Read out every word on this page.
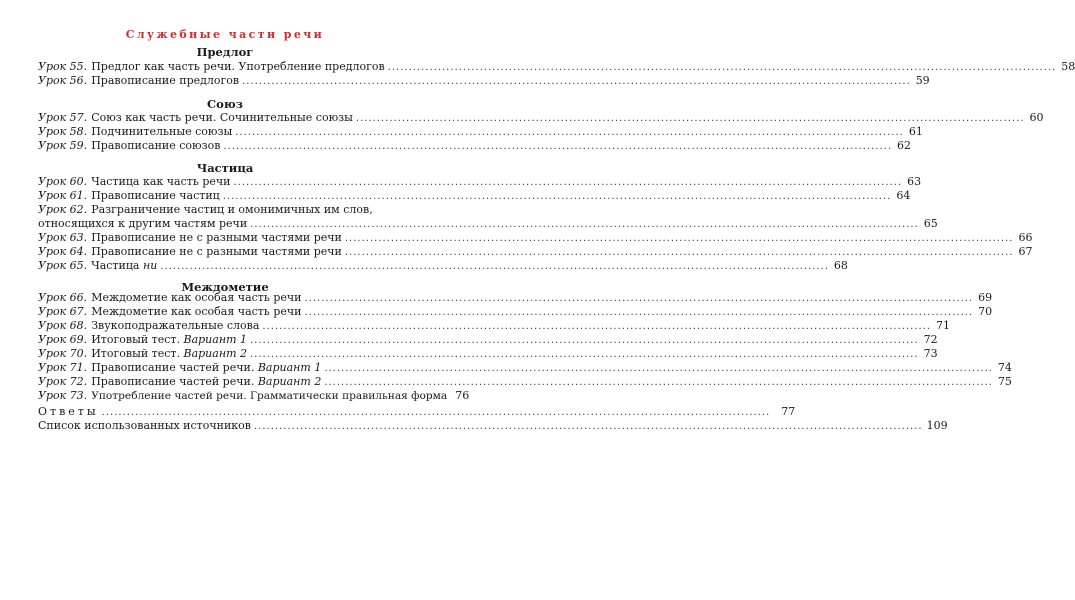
Служебные части речи
Предлог
Урок 55. Предлог как часть речи. Употребление предлогов .....	58
Урок 56. Правописание предлогов .....	59
Союз
Урок 57. Союз как часть речи. Сочинительные союзы .....	60
Урок 58. Подчинительные союзы .....	61
Урок 59. Правописание союзов .....	62
Частица
Урок 60. Частица как часть речи .....	63
Урок 61. Правописание частиц .....	64
Урок 62. Разграничение частиц и омонимичных им слов,
относящихся к другим частям речи .....	65
Урок 63. Правописание не с разными частями речи .....	66
Урок 64. Правописание не с разными частями речи .....	67
Урок 65. Частица ни .....	68
Междометие
Урок 66. Междометие как особая часть речи .....	69
Урок 67. Междометие как особая часть речи .....	70
Урок 68. Звукоподражательные слова .....	71
Урок 69. Итоговый тест. Вариант 1 .....	72
Урок 70. Итоговый тест. Вариант 2 .....	73
Урок 71. Правописание частей речи. Вариант 1 .....	74
Урок 72. Правописание частей речи. Вариант 2 .....	75
Урок 73. Употребление частей речи. Грамматически правильная форма 76
Ответы .....	77
Список использованных источников .....	109
